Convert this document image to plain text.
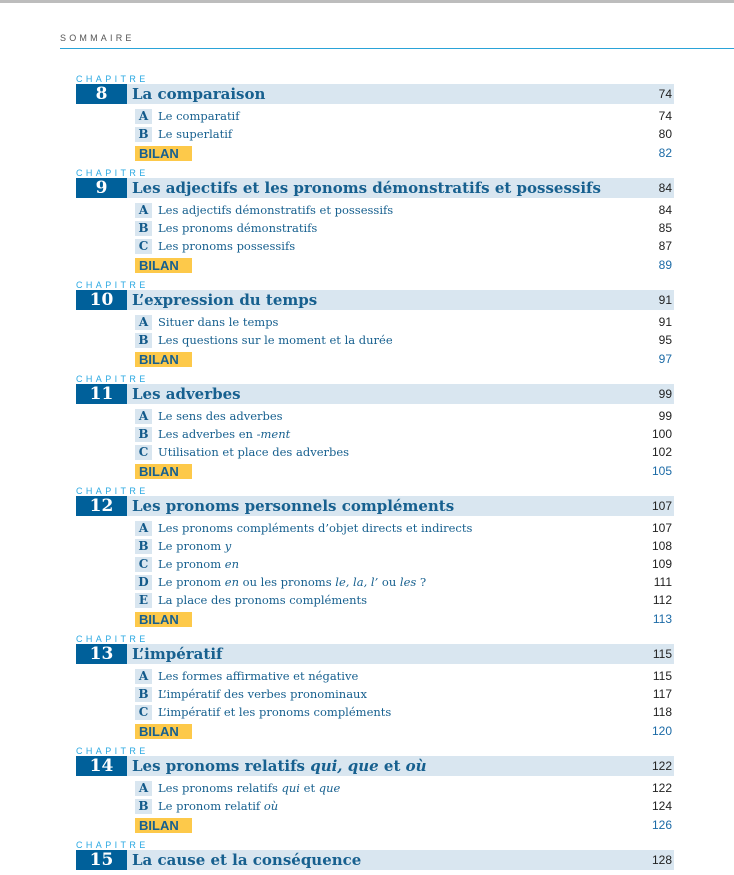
SOMMAIRE
CHAPITRE
8	La comparaison	74
A Le comparatif	74
B Le superlatif	80
BILAN	82
CHAPITRE
9	Les adjectifs et les pronoms démonstratifs et possessifs	84
A Les adjectifs démonstratifs et possessifs	84
B Les pronoms démonstratifs	85
C Les pronoms possessifs	87
BILAN	89
CHAPITRE
10	L’expression du temps	91
A Situer dans le temps	91
B Les questions sur le moment et la durée	95
BILAN	97
CHAPITRE
11	Les adverbes	99
A Le sens des adverbes	99
B Les adverbes en -ment	100
C Utilisation et place des adverbes	102
BILAN	105
CHAPITRE
12	Les pronoms personnels compléments	107
A Les pronoms compléments d’objet directs et indirects	107
B Le pronom y	108
C Le pronom en	109
D Le pronom en ou les pronoms le, la, l’ ou les ?	111
E La place des pronoms compléments	112
BILAN	113
CHAPITRE
13	L’impératif	115
A Les formes affirmative et négative	115
B L’impératif des verbes pronominaux	117
C L’impératif et les pronoms compléments	118
BILAN	120
CHAPITRE
14	Les pronoms relatifs qui, que et où	122
A Les pronoms relatifs qui et que	122
B Le pronom relatif où	124
BILAN	126
CHAPITRE
15	La cause et la conséquence	128
